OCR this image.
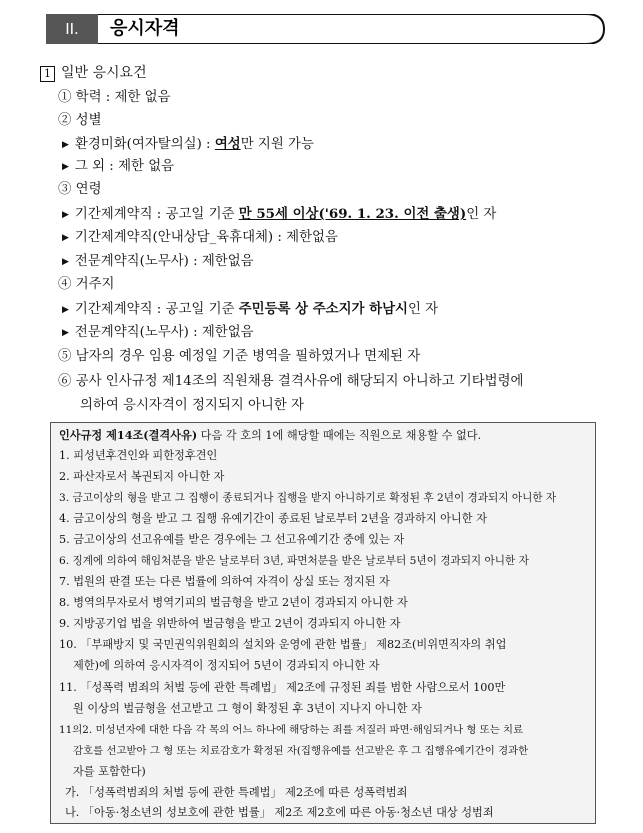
II.	응시자격
1 일반 응시요건
① 학력 : 제한 없음
② 성별
▶ 환경미화(여자탈의실) : 여성만 지원 가능
▶ 그 외 : 제한 없음
③ 연령
▶ 기간제계약직 : 공고일 기준 만 55세 이상('69. 1. 23. 이전 출생)인 자
▶ 기간제계약직(안내상담_육휴대체) : 제한없음
▶ 전문계약직(노무사) : 제한없음
④ 거주지
▶ 기간제계약직 : 공고일 기준 주민등록 상 주소지가 하남시인 자
▶ 전문계약직(노무사) : 제한없음
⑤ 남자의 경우 임용 예정일 기준 병역을 필하였거나 면제된 자
⑥ 공사 인사규정 제14조의 직원채용 결격사유에 해당되지 아니하고 기타법령에
의하여 응시자격이 정지되지 아니한 자
인사규정 제14조(결격사유) 다음 각 호의 1에 해당할 때에는 직원으로 채용할 수 없다.
1. 피성년후견인와 피한정후견인
2. 파산자로서 복권되지 아니한 자
3. 금고이상의 형을 받고 그 집행이 종료되거나 집행을 받지 아니하기로 확정된 후 2년이 경과되지 아니한 자
4. 금고이상의 형을 받고 그 집행 유예기간이 종료된 날로부터 2년을 경과하지 아니한 자
5. 금고이상의 선고유예를 받은 경우에는 그 선고유예기간 중에 있는 자
6. 징계에 의하여 해임처분을 받은 날로부터 3년, 파면처분을 받은 날로부터 5년이 경과되지 아니한 자
7. 법원의 판결 또는 다른 법률에 의하여 자격이 상실 또는 정지된 자
8. 병역의무자로서 병역기피의 벌금형을 받고 2년이 경과되지 아니한 자
9. 지방공기업 법을 위반하여 벌금형을 받고 2년이 경과되지 아니한 자
10. 「부패방지 및 국민권익위원회의 설치와 운영에 관한 법률」 제82조(비위면직자의 취업
제한)에 의하여 응시자격이 정지되어 5년이 경과되지 아니한 자
11. 「성폭력 범죄의 처벌 등에 관한 특례법」 제2조에 규정된 죄를 범한 사람으로서 100만
원 이상의 벌금형을 선고받고 그 형이 확정된 후 3년이 지나지 아니한 자
11의2. 미성년자에 대한 다음 각 목의 어느 하나에 해당하는 죄를 저질러 파면·해임되거나 형 또는 치료
감호를 선고받아 그 형 또는 치료감호가 확정된 자(집행유예를 선고받은 후 그 집행유예기간이 경과한
자를 포함한다)
가. 「성폭력범죄의 처벌 등에 관한 특례법」 제2조에 따른 성폭력범죄
나. 「아동·청소년의 성보호에 관한 법률」 제2조 제2호에 따른 아동·청소년 대상 성범죄
